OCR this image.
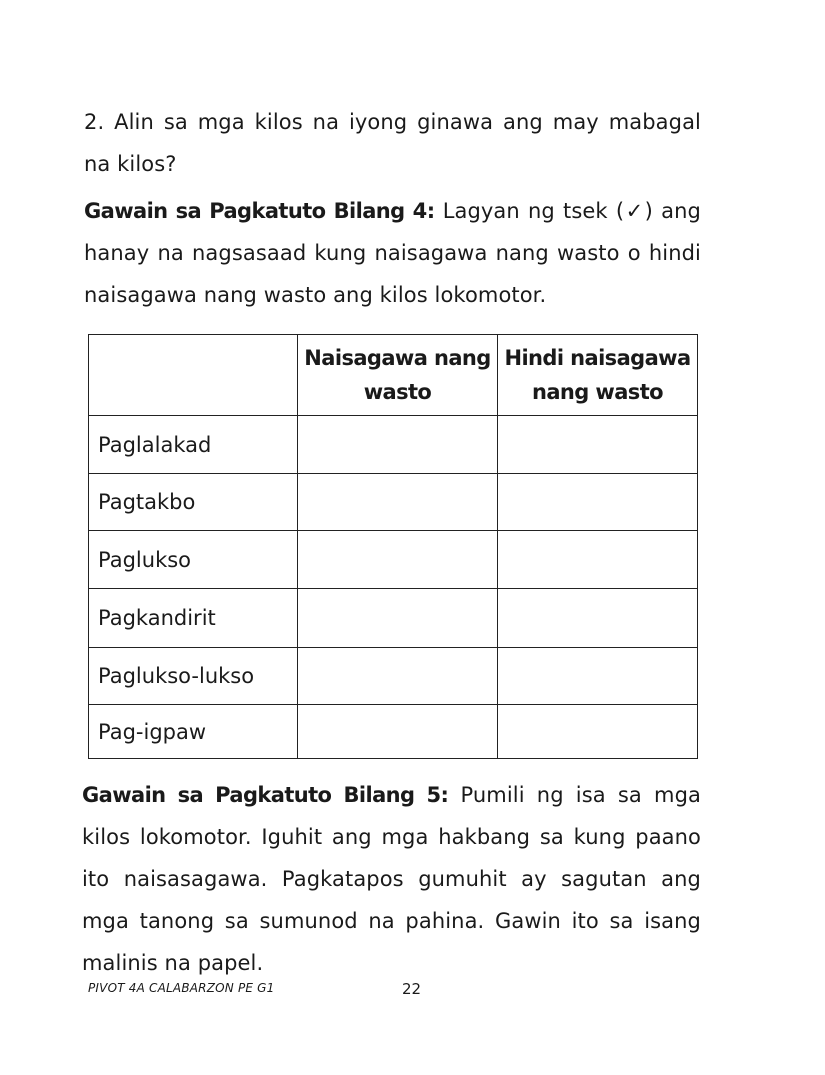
2. Alin sa mga kilos na iyong ginawa ang may mabagal na kilos?

Gawain sa Pagkatuto Bilang 4: Lagyan ng tsek (✓) ang hanay na nagsasaad kung naisagawa nang wasto o hindi naisagawa nang wasto ang kilos lokomotor.

	Naisagawa nang wasto	Hindi naisagawa nang wasto
Paglalakad		
Pagtakbo		
Paglukso		
Pagkandirit		
Paglukso-lukso		
Pag-igpaw		

Gawain sa Pagkatuto Bilang 5: Pumili ng isa sa mga kilos lokomotor. Iguhit ang mga hakbang sa kung paano ito naisasagawa. Pagkatapos gumuhit ay sagutan ang mga tanong sa sumunod na pahina. Gawin ito sa isang malinis na papel.

PIVOT 4A CALABARZON PE G1	22
